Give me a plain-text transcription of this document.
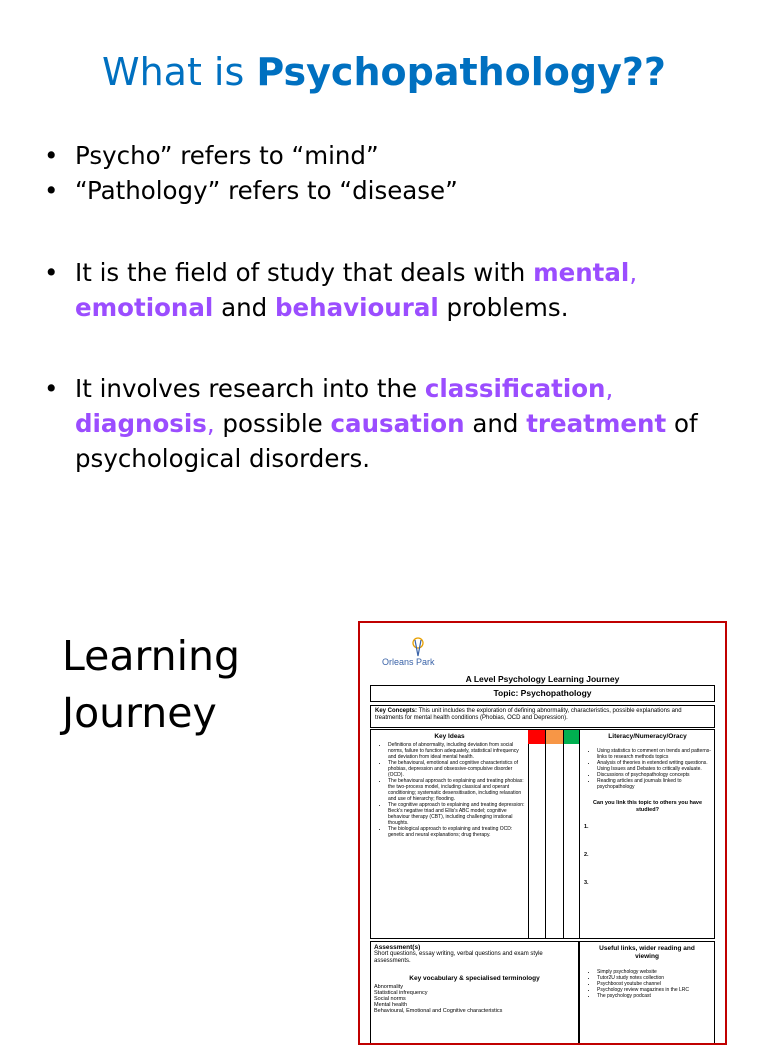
What is Psychopathology??
• Psycho” refers to “mind”
• “Pathology” refers to “disease”
• It is the field of study that deals with mental, emotional and behavioural problems.
• It involves research into the classification, diagnosis, possible causation and treatment of psychological disorders.
Learning
Journey
Orleans Park
A Level Psychology Learning Journey
Topic: Psychopathology
Key Concepts: This unit includes the exploration of defining abnormality, characteristics, possible explanations and treatments for mental health conditions (Phobias, OCD and Depression).
Key Ideas
• Definitions of abnormality, including deviation from social norms, failure to function adequately, statistical infrequency and deviation from ideal mental health.
• The behavioural, emotional and cognitive characteristics of phobias, depression and obsessive-compulsive disorder (OCD).
• The behavioural approach to explaining and treating phobias: the two-process model, including classical and operant conditioning; systematic desensitisation, including relaxation and use of hierarchy; flooding.
• The cognitive approach to explaining and treating depression: Beck's negative triad and Ellis's ABC model; cognitive behaviour therapy (CBT), including challenging irrational thoughts.
• The biological approach to explaining and treating OCD: genetic and neural explanations; drug therapy.
Literacy/Numeracy/Oracy
• Using statistics to comment on trends and patterns- links to research methods topics
• Analysis of theories in extended writing questions. Using Issues and Debates to critically evaluate.
• Discussions of psychopathology concepts
• Reading articles and journals linked to psychopathology
Can you link this topic to others you have studied?
1.
2.
3.
Assessment(s)
Short questions, essay writing, verbal questions and exam style assessments.
Key vocabulary & specialised terminology
Abnormality
Statistical infrequency
Social norms
Mental health
Behavioural, Emotional and Cognitive characteristics
Useful links, wider reading and viewing
• Simply psychology website
• Tutor2U study notes collection
• Psychboost youtube channel
• Psychology review magazines in the LRC
• The psychology podcast
